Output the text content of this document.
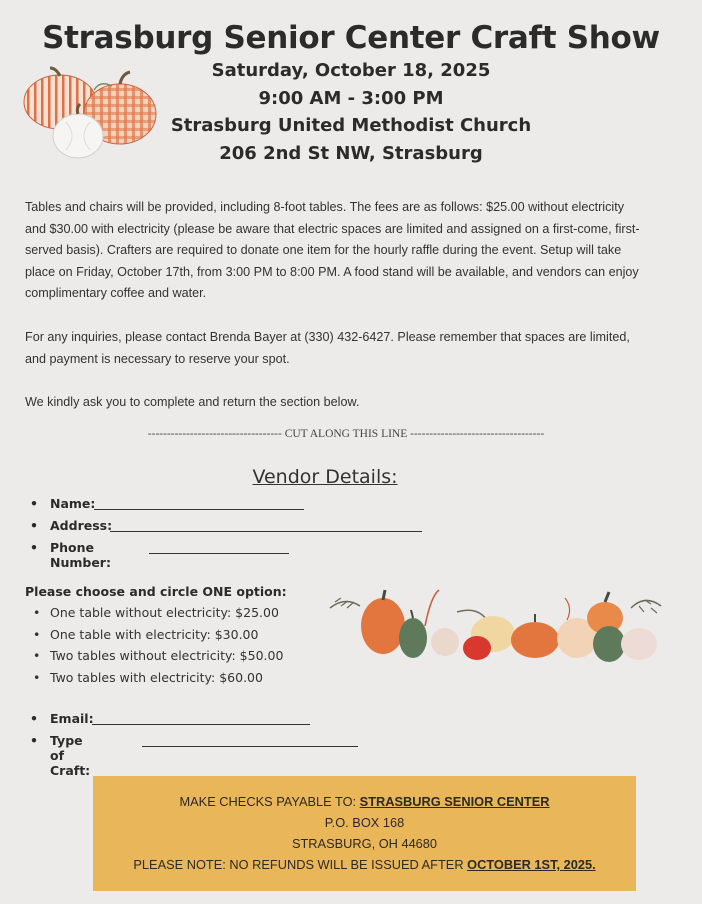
Strasburg Senior Center Craft Show
Saturday, October 18, 2025
9:00 AM - 3:00 PM
Strasburg United Methodist Church
206 2nd St NW, Strasburg
Tables and chairs will be provided, including 8-foot tables. The fees are as follows: $25.00 without electricity
and $30.00 with electricity (please be aware that electric spaces are limited and assigned on a first-come, first-
served basis). Crafters are required to donate one item for the hourly raffle during the event. Setup will take
place on Friday, October 17th, from 3:00 PM to 8:00 PM. A food stand will be available, and vendors can enjoy
complimentary coffee and water.
For any inquiries, please contact Brenda Bayer at (330) 432-6427. Please remember that spaces are limited,
and payment is necessary to reserve your spot.
We kindly ask you to complete and return the section below.
----------------------------------- CUT ALONG THIS LINE -----------------------------------
Vendor Details:
• Name:
• Address:
• Phone Number:
Please choose and circle ONE option:
• One table without electricity: $25.00
• One table with electricity: $30.00
• Two tables without electricity: $50.00
• Two tables with electricity: $60.00
• Email:
• Type of Craft:
MAKE CHECKS PAYABLE TO: STRASBURG SENIOR CENTER
P.O. BOX 168
STRASBURG, OH 44680
PLEASE NOTE: NO REFUNDS WILL BE ISSUED AFTER OCTOBER 1ST, 2025.
